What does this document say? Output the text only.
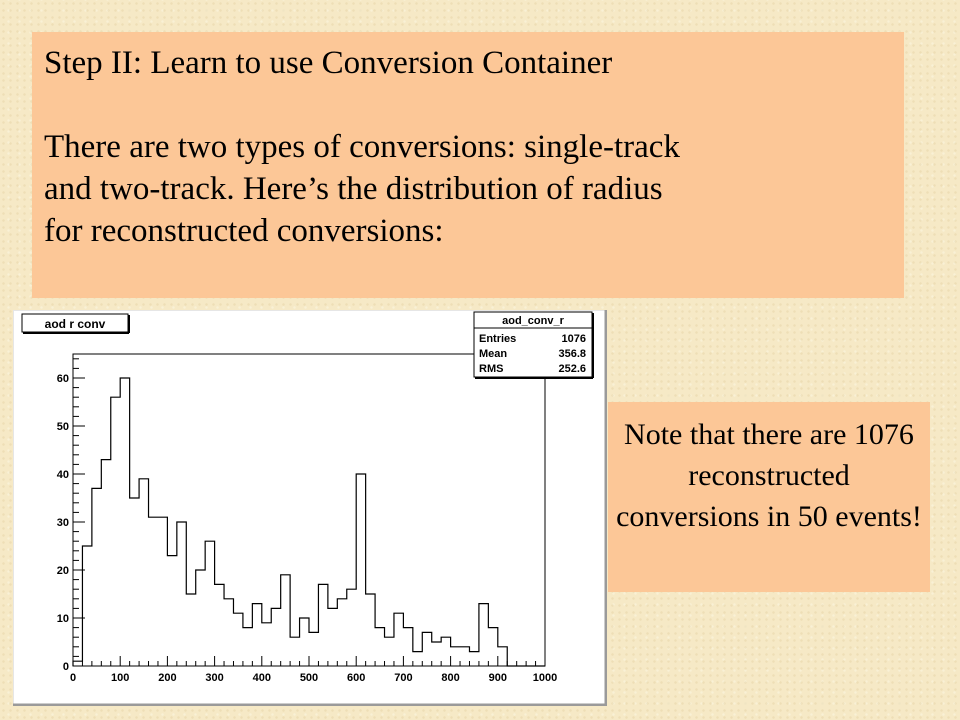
Step II: Learn to use Conversion Container

There are two types of conversions: single-track

and two-track. Here’s the distribution of radius

for reconstructed conversions:

0
10
20
30
40
50
60
0	100	200	300	400	500	600	700	800	900 1000
aod r conv	aod_conv_r
Entries	1076
Mean	356.8
RMS	252.6
Note that there are 1076 reconstructed conversions in 50 events!
